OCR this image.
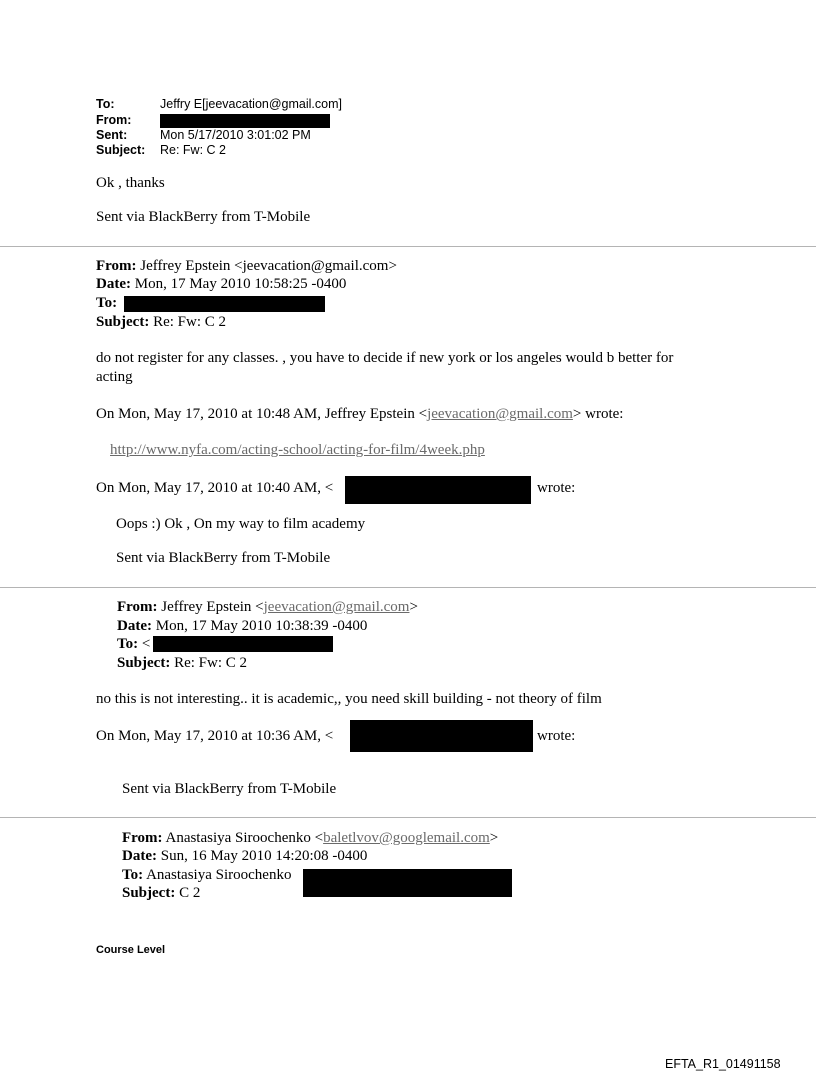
To:	Jeffry E[jeevacation@gmail.com]
From:
Sent:	Mon 5/17/2010 3:01:02 PM
Subject: Re: Fw: C 2
Ok , thanks
Sent via BlackBerry from T-Mobile
From: Jeffrey Epstein <jeevacation@gmail.com>
Date: Mon, 17 May 2010 10:58:25 -0400
To:
Subject: Re: Fw: C 2
do not register for any classes. , you have to decide if new york or los angeles would b better for
acting
On Mon, May 17, 2010 at 10:48 AM, Jeffrey Epstein <jeevacation@gmail.com> wrote:
http://www.nyfa.com/acting-school/acting-for-film/4week.php
On Mon, May 17, 2010 at 10:40 AM, <	wrote:
Oops :) Ok , On my way to film academy
Sent via BlackBerry from T-Mobile
From: Jeffrey Epstein <jeevacation@gmail.com>
Date: Mon, 17 May 2010 10:38:39 -0400
To: <
Subject: Re: Fw: C 2
no this is not interesting.. it is academic,, you need skill building - not theory of film
On Mon, May 17, 2010 at 10:36 AM, <	wrote:
Sent via BlackBerry from T-Mobile
From: Anastasiya Siroochenko <baletlvov@googlemail.com>
Date: Sun, 16 May 2010 14:20:08 -0400
To: Anastasiya Siroochenko
Subject: C 2
Course Level
EFTA_R1_01491158
